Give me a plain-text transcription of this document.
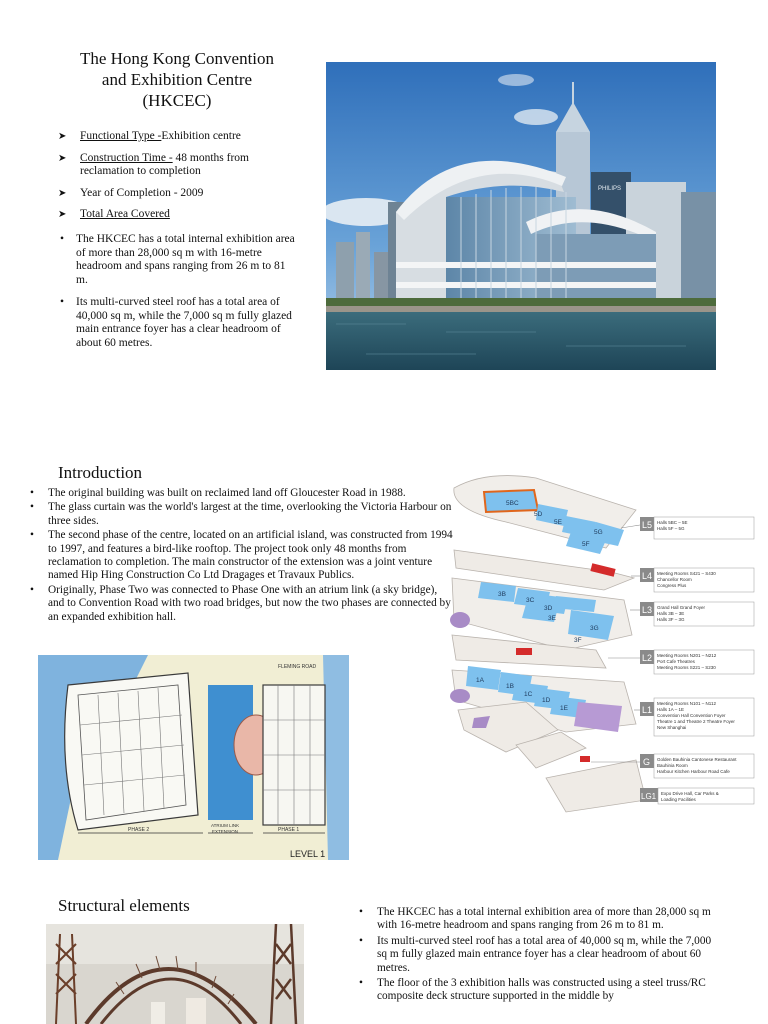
The Hong Kong Convention
and Exhibition Centre
(HKCEC)
➤ Functional Type -Exhibition centre
➤ Construction Time - 48 months from reclamation to completion
➤ Year of Completion - 2009
➤ Total Area Covered
• The HKCEC has a total internal exhibition area of more than 28,000 sq m with 16-metre headroom and spans ranging from 26 m to 81 m.
• Its multi-curved steel roof has a total area of 40,000 sq m, while the 7,000 sq m fully glazed main entrance foyer has a clear headroom of about 60 metres.
PHILIPS
Introduction
• The original building was built on reclaimed land off Gloucester Road in 1988.
• The glass curtain was the world's largest at the time, overlooking the Victoria Harbour on three sides.
• The second phase of the centre, located on an artificial island, was constructed from 1994 to 1997, and features a bird-like rooftop. The project took only 48 months from reclamation to completion. The main constructor of the extension was a joint venture named Hip Hing Construction Co Ltd Dragages et Travaux Publics.
• Originally, Phase Two was connected to Phase One with an atrium link (a sky bridge), and to Convention Road with two road bridges, but now the two phases are connected by an expanded exhibition hall.
FLEMING ROAD
PHASE 2
ATRIUM LINK
EXTENSION	PHASE 1
LEVEL 1
5BC
5D
5E
5G
5F
3B
3C
3D
3E
3G
3F
1A
1B
1C
1D
1E
L5 Halls 5BC – 5E
Halls 5F – 5G
L4 Meeting Rooms S421 – S430
Chancellor Room
Congress Plus
L3 Grand Hall Grand Foyer
Halls 3B – 3E
Halls 3F – 3G
L2 Meeting Rooms N201 – N212
Port Cafe Theatres
Meeting Rooms S221 – S230
L1
Meeting Rooms N101 – N112
Halls 1A – 1E
Convention Hall Convention Foyer
Theatre 1 and Theatre 2 Theatre Foyer
New Shanghai
G Golden Bauhinia Cantonese Restaurant
Bauhinia Room
Harbour Kitchen Harbour Road Cafe
LG1 Expo Drive Hall, Car Parks &
Loading Facilities
Structural elements	• The HKCEC has a total internal exhibition area of more than 28,000 sq m with 16-metre headroom and spans ranging from 26 m to 81 m.
• Its multi-curved steel roof has a total area of 40,000 sq m, while the 7,000 sq m fully glazed main entrance foyer has a clear headroom of about 60 metres.
• The floor of the 3 exhibition halls was constructed using a steel truss/RC composite deck structure supported in the middle by
